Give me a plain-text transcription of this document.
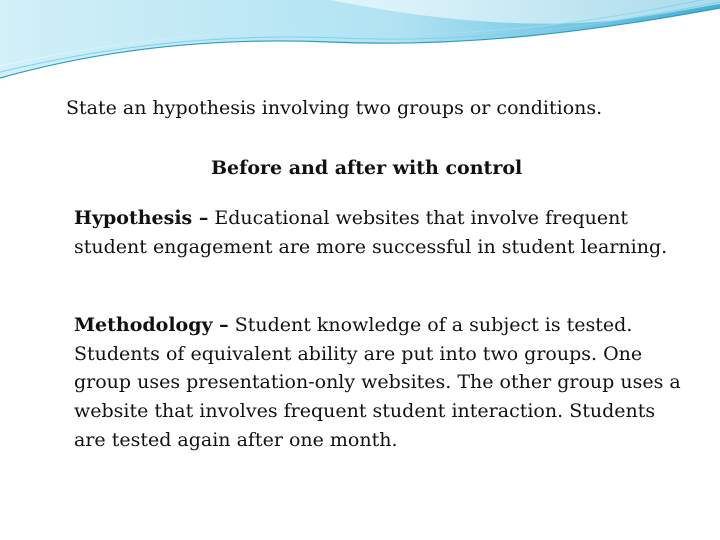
State an hypothesis involving two groups or conditions.

Before and after with control

Hypothesis – Educational websites that involve frequent student engagement are more successful in student learning.

Methodology – Student knowledge of a subject is tested. Students of equivalent ability are put into two groups. One group uses presentation-only websites. The other group uses a website that involves frequent student interaction. Students are tested again after one month.
